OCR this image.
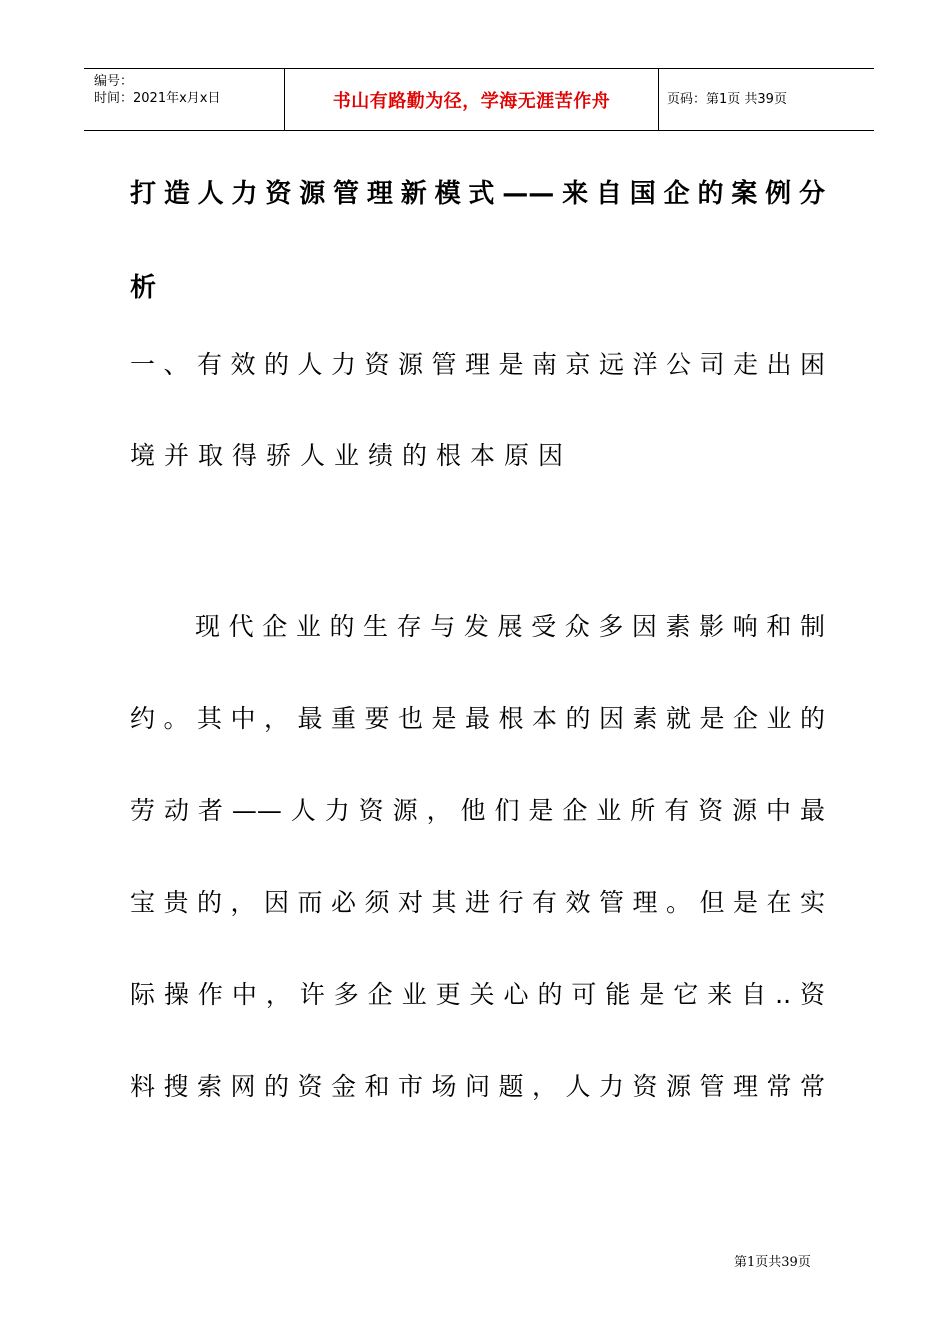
编号：
时间：2021年x月x日	书山有路勤为径，学海无涯苦作舟	页码：第1页 共39页
打造人力资源管理新模式——来自国企的案例分
析
一、有效的人力资源管理是南京远洋公司走出困
境并取得骄人业绩的根本原因
现代企业的生存与发展受众多因素影响和制
约。其中，最重要也是最根本的因素就是企业的
劳动者——人力资源，他们是企业所有资源中最
宝贵的，因而必须对其进行有效管理。但是在实
际操作中，许多企业更关心的可能是它来自..资
料搜索网的资金和市场问题，人力资源管理常常
第1页共39页
